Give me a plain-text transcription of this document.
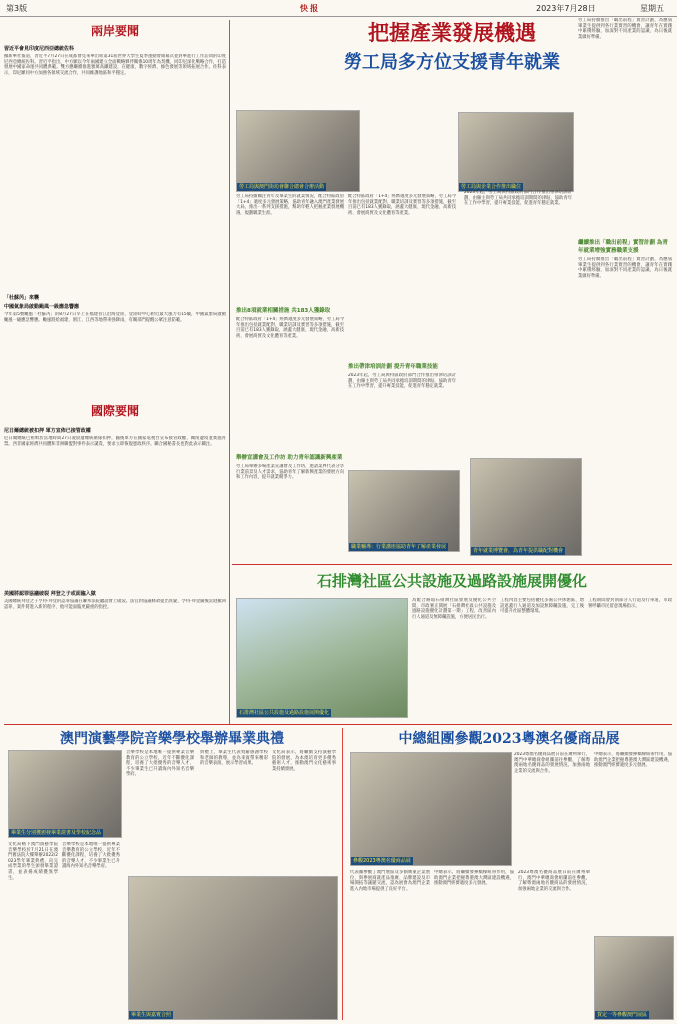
第3版	快报	2023年7月28日	星期五
兩岸要聞
習近平會見印度尼西亞總統佐科
據新華社報道，習近平7月27日在成都會見來華出席第31屆世界大學生夏季運動會開幕式並對華進行工作訪問的印度尼西亞總統佐科。習近平指出，中方願以今年兩國建立全面戰略夥伴關係10周年為契機，同印尼深化戰略合作，打造發展中國家命運共同體典範。雙方應繼續推進雅萬高鐵建設，在健康、數字經濟、綠色發展等領域拓展合作。佐科表示，印尼願同中方加強各領域交流合作，共同維護地區和平穩定。
「杜蘇芮」來襲
中國氣象局啟動颱風一級應急響應
今年第5號颱風「杜蘇芮」的8月27日早上在福建晉江沿海登陸，登陸時中心附近最大風力有15級，中國氣象局啟動颱風一級應急響應。颱風將給福建、浙江、江西等地帶來強降雨，有關部門提醒公眾注意防範。
國際要聞
尼日爾總統被扣押 軍方宣佈已接管政權
尼日爾總統巴祖姆於當地時間27日凌晨遭總統衛隊扣押，隨後軍方在國家電視台宣布接管政權、關閉邊境並實施宵禁。西非國家經濟共同體和非洲聯盟對事件表示譴責，要求立即恢復憲政秩序。聯合國秘書長也對此表示關注。
美國將認罪協議破裂 拜登之子或面臨入獄
美國總統拜登之子亨特·拜登的認罪協議在聯邦法院聽證會上破裂。法官對協議條款提出質疑，亨特·拜登隨後當庭撤回認罪，案件將進入新的程序，他可能面臨更嚴重的指控。
把握產業發展機遇
勞工局多方位支援青年就業
勞工局與澳門街坊會聯合總會合辦活動	勞工局與企業合作推出職位
勞工局持續關注青年及畢業生的就業情況，配合特區政府「1+4」適度多元發展策略，協助青年融入澳門產業發展大局，推出一系列支援措施，幫助年輕人把握產業發展機遇，規劃職業生涯。
推出8項就業相關措施 共183人獲錄取
配合特區政府「1+4」經濟適度多元發展策略，勞工局今年推出包括就業配對、職業培訓及實習等多項措施，截至目前已有183人獲錄取，涵蓋大健康、現代金融、高新技術、會展商貿及文化體育等產業。
舉辦宣講會及工作坊 助力青年認識新興產業
勞工局舉辦多場產業宣講會及工作坊，邀請業界代表分享行業前景及人才需求，協助青年了解新興產業的發展方向和工作內容，提升就業競爭力。
配合特區政府「1+4」經濟適度多元發展策略，勞工局今年推出包括就業配對、職業培訓及實習等多項措施，截至目前已有183人獲錄取，涵蓋大健康、現代金融、高新技術、會展商貿及文化體育等產業。
推出帶津培訓計劃 提升青年職業技能
2023年起，勞工局與特區政府部門合作推出帶津培訓計劃，由僱主與勞工局共同承擔培訓期間的津貼，協助青年在工作中學習，提升專業技能，促進青年穩定就業。
職業輔導：行業講座協助青年了解產業發展
2023年起，勞工局與特區政府部門合作推出帶津培訓計劃，由僱主與勞工局共同承擔培訓期間的津貼，協助青年在工作中學習，提升專業技能，促進青年穩定就業。
勞工局持續推出「職出前程」實習計劃，為應屆畢業生提供到各行業實習的機會，讓青年在實踐中累積經驗，加深對不同產業的認識，為日後就業做好準備。
繼續推出「職出前程」實習計劃 為青年就業增強實務職業支援
勞工局持續推出「職出前程」實習計劃，為應屆畢業生提供到各行業實習的機會，讓青年在實踐中累積經驗，加深對不同產業的認識，為日後就業做好準備。
青年就業博覽會，為青年提供職配對機會
石排灣社區公共設施及過路設施展開優化
石排灣社區公共設施及過路設施展開優化
為配合路環石排灣社區發展及優化公共空間，市政署正開展「石排灣社區公共設施及過路設施優化計劃第一期」工程，改善區內行人通道及無障礙設施，方便居民出行。
工程內容主要包括優化多處公共休憩區、增設遮蓋行人通道及加設無障礙設施，完工後可提升社區整體環境。
工程期間會封閉部分人行道及行車道，市政署呼籲市民留意現場指示。
澳門演藝學院音樂學校舉辦畢業典禮
畢業生分別獲頒發畢業證書及學校紀念品
文化局轄下澳門演藝學院音樂學校於7月21日在澳門舊法院大樓舉辦2022/2023學年畢業典禮，向完成學業的學生頒發畢業證書，並表揚成績優異學生。
音樂學校是本地唯一提供專業音樂教育的公立學校，近年不斷優化課程，培養了大批優秀的音樂人才，不少畢業生已升讀海內外知名音樂學府。
音樂學校是本地唯一提供專業音樂教育的公立學校，近年不斷優化課程，培養了大批優秀的音樂人才，不少畢業生已升讀海內外知名音樂學府。
典禮上，畢業生代表致辭感謝學校和老師的教導，並為來賓帶來精彩的音樂表演，展示學習成果。
文化局表示，將繼續支持演藝學院的發展，為本澳培育更多優秀藝術人才，推動澳門文化藝術事業持續發展。
畢業生與嘉賓合照
中總組團參觀2023粵澳名優商品展
參觀2023粵澳名優商品展
2023粵澳名優商品展日前在廣州舉行，澳門中華總商會組團前往參觀，了解粵澳兩地名優商品的發展情況，加強兩地企業的交流與合作。
中總表示，將繼續發揮橋樑紐帶作用，協助澳門企業把握粵港澳大灣區建設機遇，推動澳門經濟適度多元發展。
代表團參觀了澳門展區及多個廣東企業展位，與參展商就產品推廣、品牌建設及市場開拓等議題交流，認為展會為澳門企業進入內地市場提供了良好平台。
中總表示，將繼續發揮橋樑紐帶作用，協助澳門企業把握粵港澳大灣區建設機遇，推動澳門經濟適度多元發展。
2023粵澳名優商品展日前在廣州舉行，澳門中華總商會組團前往參觀，了解粵澳兩地名優商品的發展情況，加強兩地企業的交流與合作。
賀定一等參觀澳門展區
